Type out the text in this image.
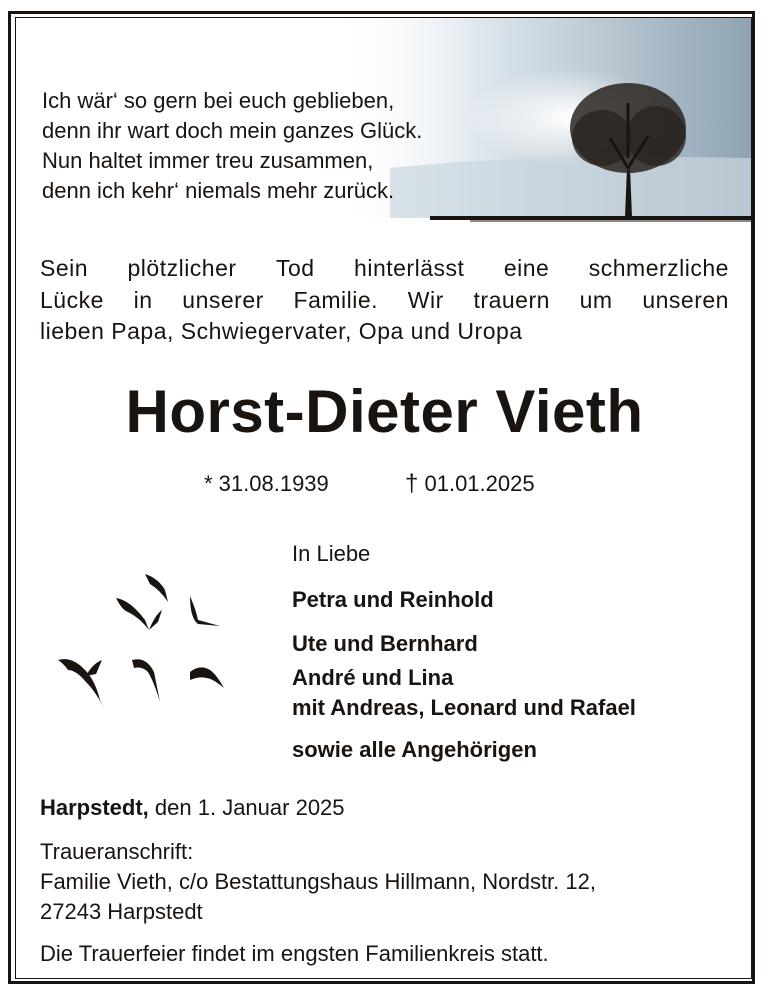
Ich wär‘ so gern bei euch geblieben,
denn ihr wart doch mein ganzes Glück.
Nun haltet immer treu zusammen,
denn ich kehr‘ niemals mehr zurück.
Sein plötzlicher Tod hinterlässt eine schmerzliche
Lücke in unserer Familie. Wir trauern um unseren
lieben Papa, Schwiegervater, Opa und Uropa
Horst-Dieter Vieth
* 31.08.1939	† 01.01.2025
In Liebe
Petra und Reinhold
Ute und Bernhard
André und Lina
mit Andreas, Leonard und Rafael
sowie alle Angehörigen
Harpstedt, den 1. Januar 2025
Traueranschrift:
Familie Vieth, c/o Bestattungshaus Hillmann, Nordstr. 12,
27243 Harpstedt
Die Trauerfeier findet im engsten Familienkreis statt.
